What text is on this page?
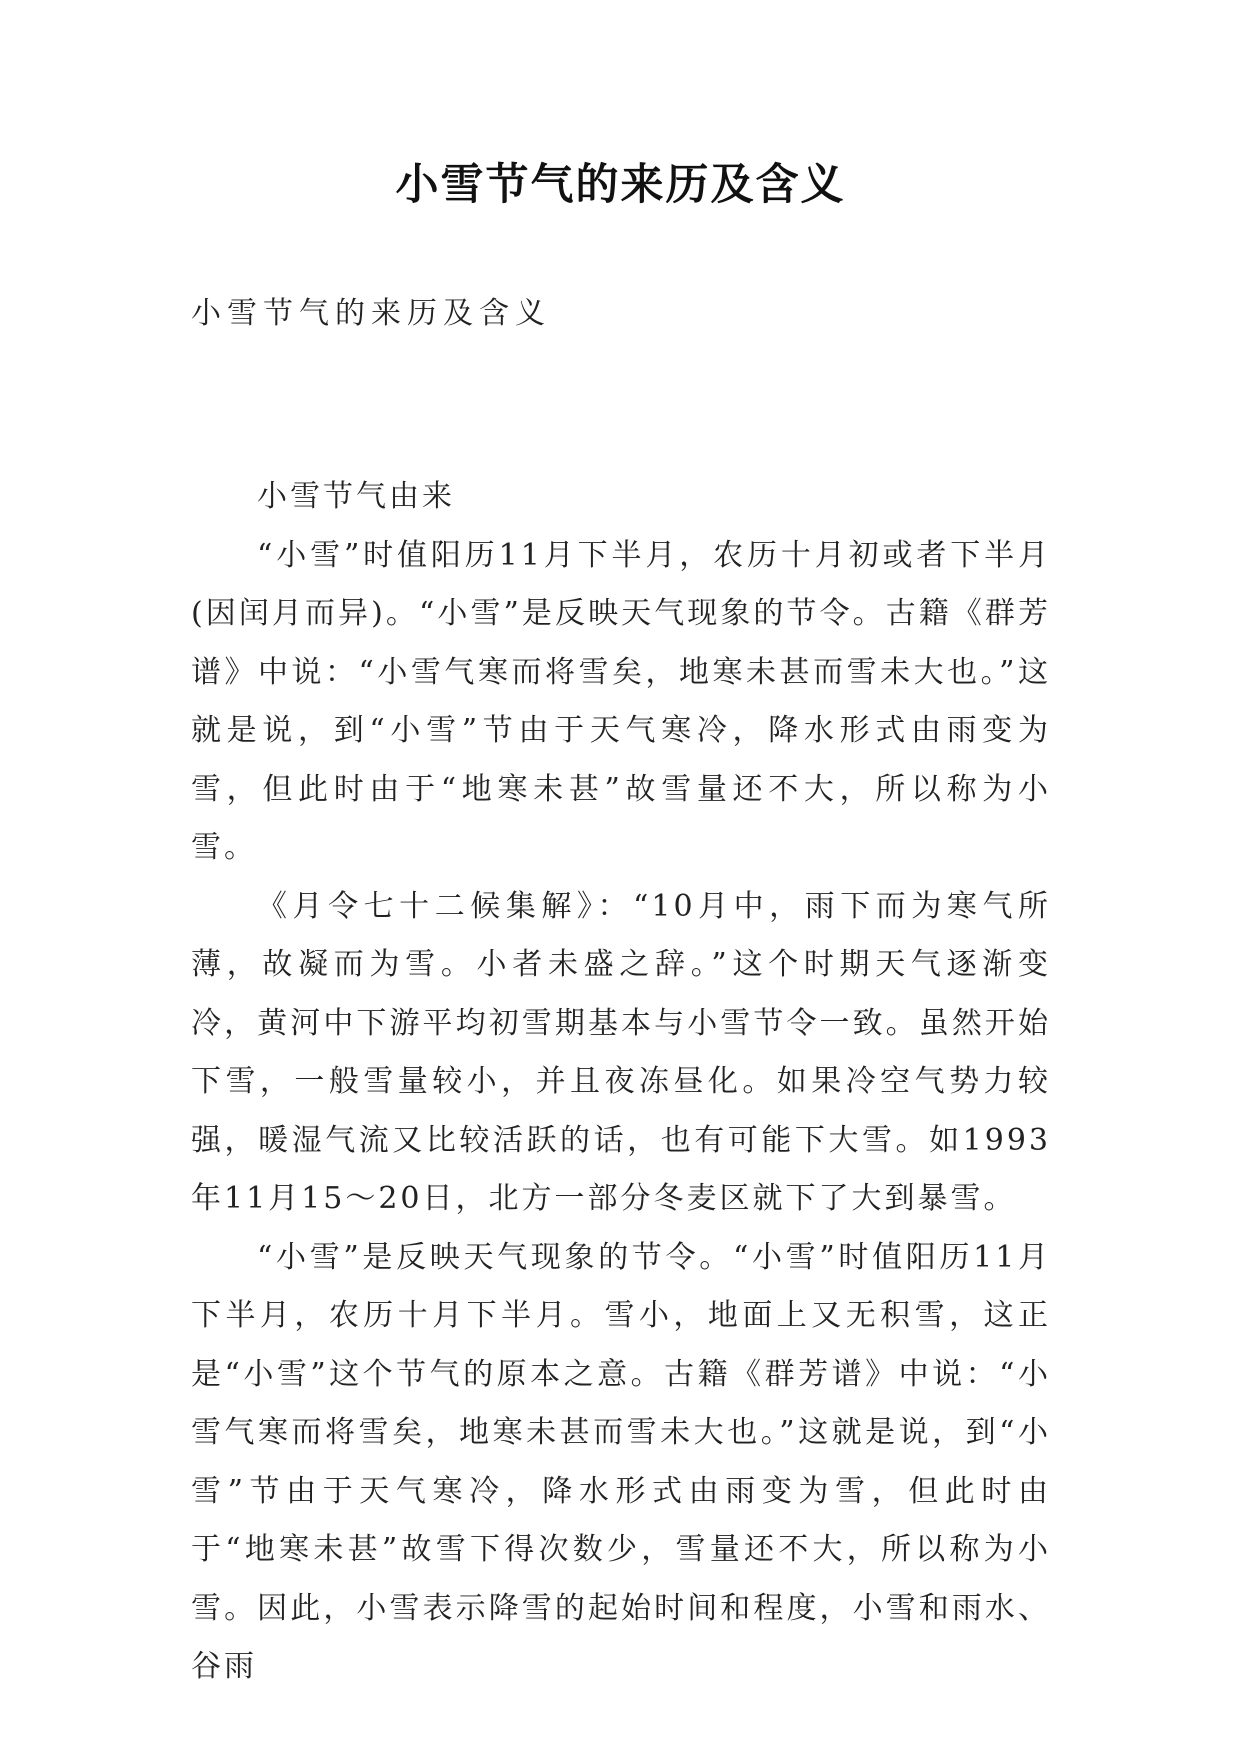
小雪节气的来历及含义
小雪节气的来历及含义

小雪节气由来

“小雪”时值阳历11月下半月，农历十月初或者下半月(因闰月而异)。“小雪”是反映天气现象的节令。古籍《群芳谱》中说：“小雪气寒而将雪矣，地寒未甚而雪未大也。”这就是说，到“小雪”节由于天气寒冷，降水形式由雨变为雪，但此时由于“地寒未甚”故雪量还不大，所以称为小雪。

《月令七十二候集解》：“10月中，雨下而为寒气所薄，故凝而为雪。小者未盛之辞。”这个时期天气逐渐变冷，黄河中下游平均初雪期基本与小雪节令一致。虽然开始下雪，一般雪量较小，并且夜冻昼化。如果冷空气势力较强，暖湿气流又比较活跃的话，也有可能下大雪。如1993年11月15～20日，北方一部分冬麦区就下了大到暴雪。

“小雪”是反映天气现象的节令。“小雪”时值阳历11月下半月，农历十月下半月。雪小，地面上又无积雪，这正是“小雪”这个节气的原本之意。古籍《群芳谱》中说：“小雪气寒而将雪矣，地寒未甚而雪未大也。”这就是说，到“小雪”节由于天气寒冷，降水形式由雨变为雪，但此时由于“地寒未甚”故雪下得次数少，雪量还不大，所以称为小雪。因此，小雪表示降雪的起始时间和程度，小雪和雨水、谷雨
